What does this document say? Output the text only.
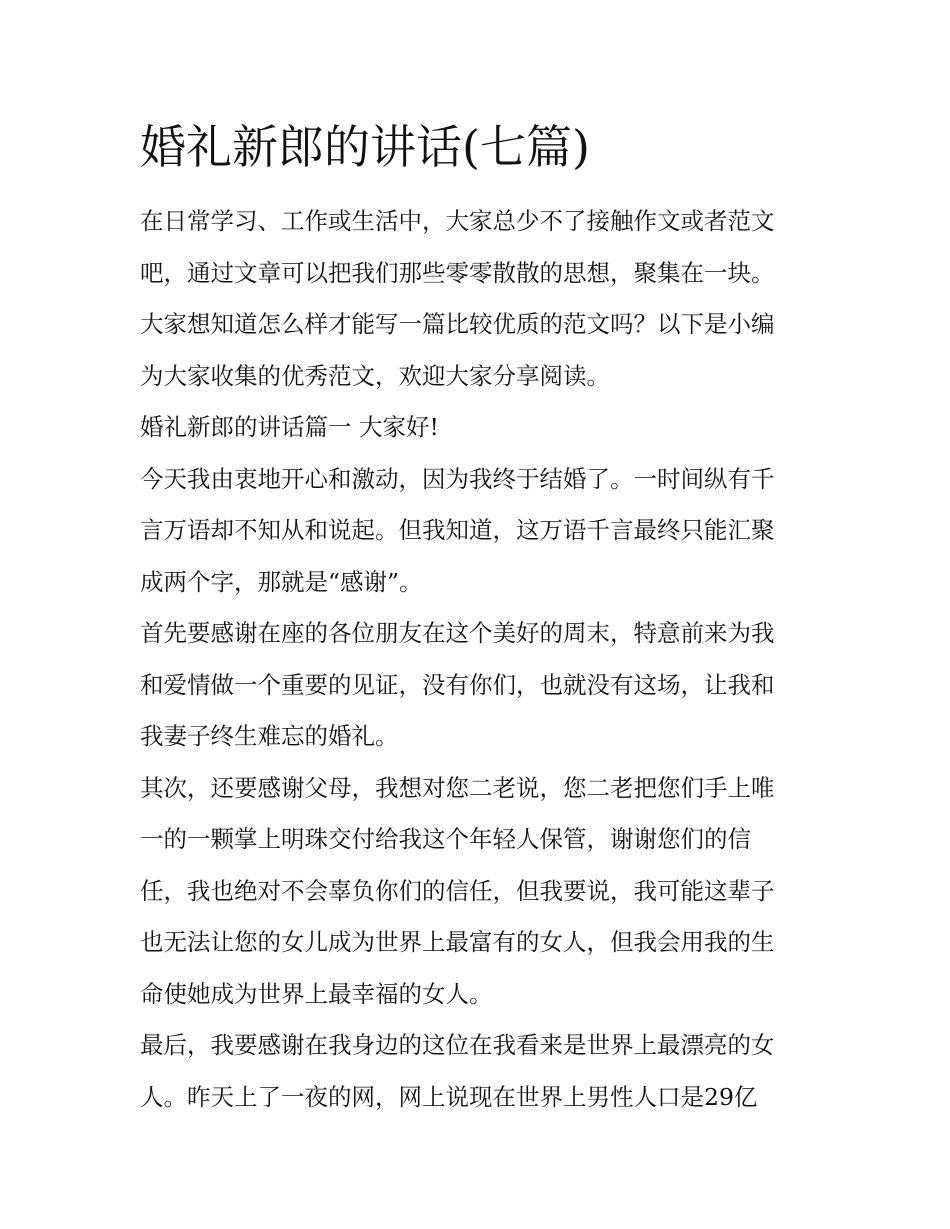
婚礼新郎的讲话(七篇)

在日常学习、工作或生活中，大家总少不了接触作文或者范文
吧，通过文章可以把我们那些零零散散的思想，聚集在一块。
大家想知道怎么样才能写一篇比较优质的范文吗？以下是小编
为大家收集的优秀范文，欢迎大家分享阅读。

婚礼新郎的讲话篇一 大家好!

今天我由衷地开心和激动，因为我终于结婚了。一时间纵有千
言万语却不知从和说起。但我知道，这万语千言最终只能汇聚
成两个字，那就是“感谢”。

首先要感谢在座的各位朋友在这个美好的周末，特意前来为我
和爱情做一个重要的见证，没有你们，也就没有这场，让我和
我妻子终生难忘的婚礼。

其次，还要感谢父母，我想对您二老说，您二老把您们手上唯
一的一颗掌上明珠交付给我这个年轻人保管，谢谢您们的信
任，我也绝对不会辜负你们的信任，但我要说，我可能这辈子
也无法让您的女儿成为世界上最富有的女人，但我会用我的生
命使她成为世界上最幸福的女人。

最后，我要感谢在我身边的这位在我看来是世界上最漂亮的女
人。昨天上了一夜的网，网上说现在世界上男性人口是29亿
